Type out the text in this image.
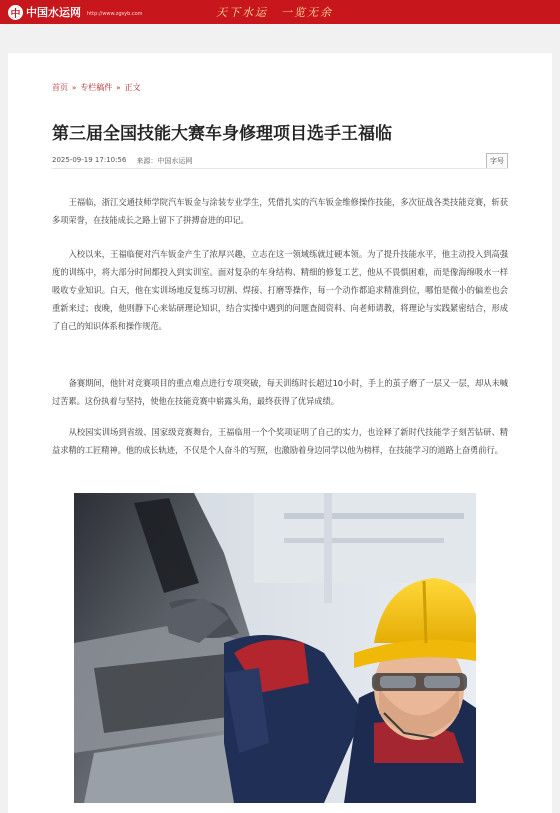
中 中国水运网 http://www.zgsyb.com	天下水运　一览无余
首页 » 专栏稿件 » 正文
第三届全国技能大赛车身修理项目选手王福临
2025-09-19 17:10:56 来源：中国水运网	字号

王福临，浙江交通技师学院汽车钣金与涂装专业学生，凭借扎实的汽车钣金维修操作技能，多次征战各类技能竞赛，斩获多项荣誉，在技能成长之路上留下了拼搏奋进的印记。

入校以来，王福临便对汽车钣金产生了浓厚兴趣，立志在这一领域练就过硬本领。为了提升技能水平，他主动投入到高强度的训练中，将大部分时间都投入到实训室。面对复杂的车身结构、精细的修复工艺，他从不畏惧困难，而是像海绵吸水一样吸收专业知识。白天，他在实训场地反复练习切割、焊接、打磨等操作，每一个动作都追求精准到位，哪怕是微小的偏差也会重新来过；夜晚，他则静下心来钻研理论知识，结合实操中遇到的问题查阅资料、向老师请教，将理论与实践紧密结合，形成了自己的知识体系和操作规范。

备赛期间，他针对竞赛项目的重点难点进行专项突破，每天训练时长超过10小时，手上的茧子磨了一层又一层，却从未喊过苦累。这份执着与坚持，使他在技能竞赛中崭露头角，最终获得了优异成绩。

从校园实训场到省级、国家级竞赛舞台，王福临用一个个奖项证明了自己的实力，也诠释了新时代技能学子刻苦钻研、精益求精的工匠精神。他的成长轨迹，不仅是个人奋斗的写照，也激励着身边同学以他为榜样，在技能学习的道路上奋勇前行。
